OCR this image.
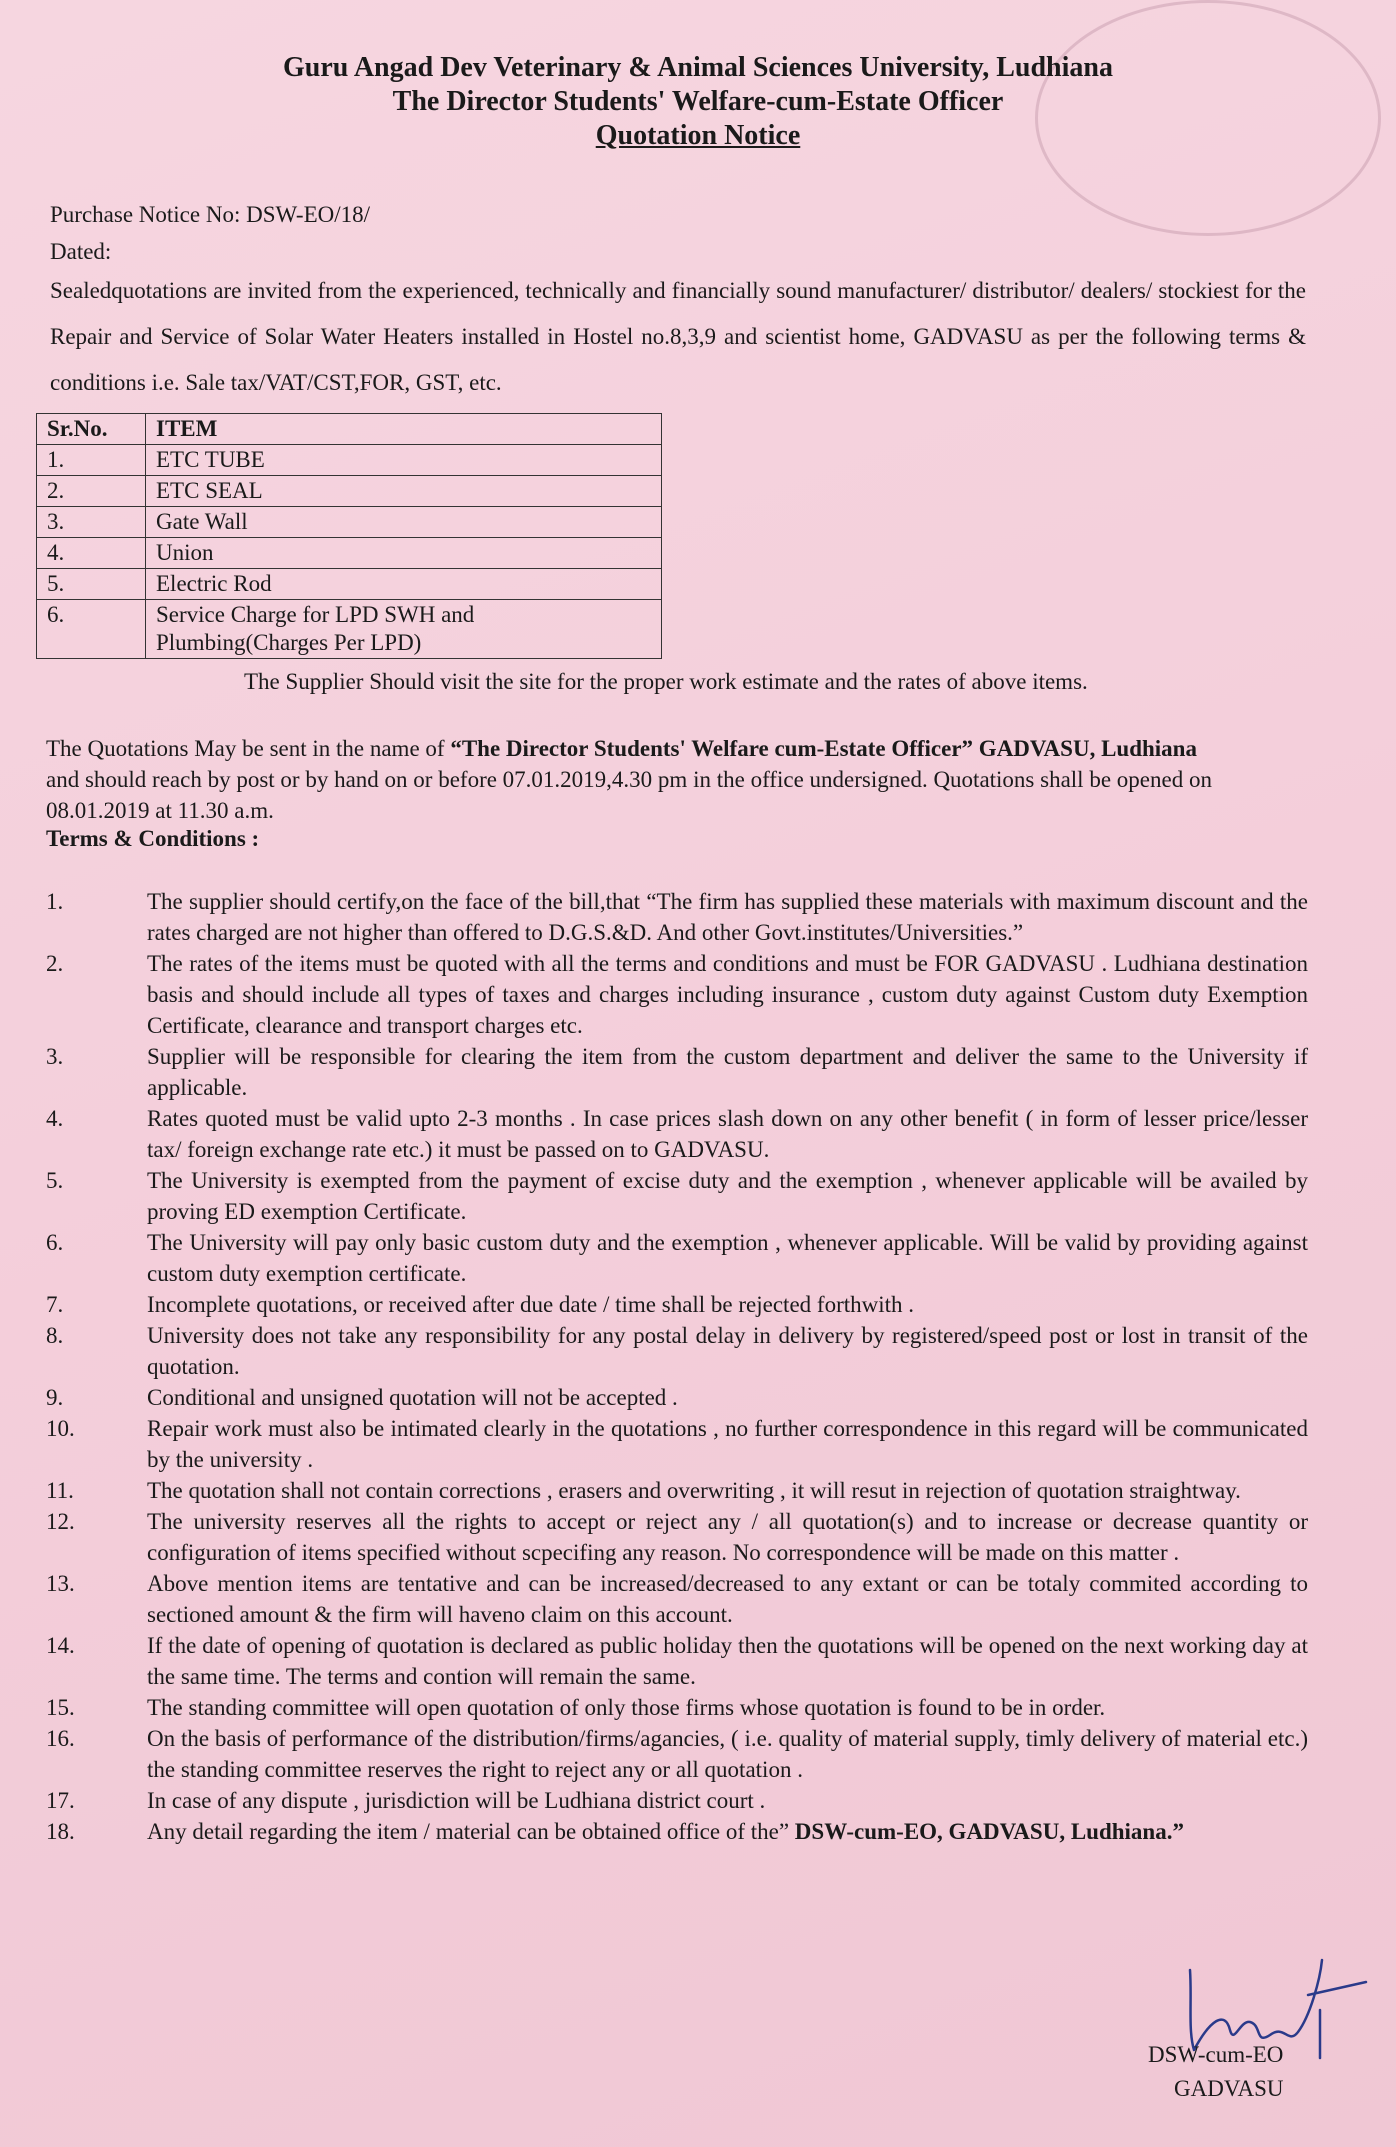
Guru Angad Dev Veterinary & Animal Sciences University, Ludhiana
The Director Students' Welfare-cum-Estate Officer
Quotation Notice
Purchase Notice No: DSW-EO/18/
Dated:

Sealedquotations are invited from the experienced, technically and financially sound manufacturer/ distributor/ dealers/ stockiest for the Repair and Service of Solar Water Heaters installed in Hostel no.8,3,9 and scientist home, GADVASU as per the following terms & conditions i.e. Sale tax/VAT/CST,FOR, GST, etc.

Sr.No.	ITEM
1.	ETC TUBE
2.	ETC SEAL
3.	Gate Wall
4.	Union
5.	Electric Rod
6.	Service Charge for LPD SWH and Plumbing(Charges Per LPD)
The Supplier Should visit the site for the proper work estimate and the rates of above items.

The Quotations May be sent in the name of “The Director Students' Welfare cum-Estate Officer” GADVASU, Ludhiana and should reach by post or by hand on or before 07.01.2019,4.30 pm in the office undersigned. Quotations shall be opened on 08.01.2019 at 11.30 a.m.

Terms & Conditions :
1.	The supplier should certify,on the face of the bill,that “The firm has supplied these materials with maximum discount and the rates charged are not higher than offered to D.G.S.&D. And other Govt.institutes/Universities.”
2.	The rates of the items must be quoted with all the terms and conditions and must be FOR GADVASU . Ludhiana destination basis and should include all types of taxes and charges including insurance , custom duty against Custom duty Exemption Certificate, clearance and transport charges etc.
3.	Supplier will be responsible for clearing the item from the custom department and deliver the same to the University if applicable.
4.	Rates quoted must be valid upto 2-3 months . In case prices slash down on any other benefit ( in form of lesser price/lesser tax/ foreign exchange rate etc.) it must be passed on to GADVASU.
5.	The University is exempted from the payment of excise duty and the exemption , whenever applicable will be availed by proving ED exemption Certificate.
6.	The University will pay only basic custom duty and the exemption , whenever applicable. Will be valid by providing against custom duty exemption certificate.
7.	Incomplete quotations, or received after due date / time shall be rejected forthwith .
8.	University does not take any responsibility for any postal delay in delivery by registered/speed post or lost in transit of the quotation.
9.	Conditional and unsigned quotation will not be accepted .
10.	Repair work must also be intimated clearly in the quotations , no further correspondence in this regard will be communicated by the university .
11.	The quotation shall not contain corrections , erasers and overwriting , it will resut in rejection of quotation straightway.
12.	The university reserves all the rights to accept or reject any / all quotation(s) and to increase or decrease quantity or configuration of items specified without scpecifing any reason. No correspondence will be made on this matter .
13.	Above mention items are tentative and can be increased/decreased to any extant or can be totaly commited according to sectioned amount & the firm will haveno claim on this account.
14.	If the date of opening of quotation is declared as public holiday then the quotations will be opened on the next working day at the same time. The terms and contion will remain the same.
15.	The standing committee will open quotation of only those firms whose quotation is found to be in order.
16.	On the basis of performance of the distribution/firms/agancies, ( i.e. quality of material supply, timly delivery of material etc.) the standing committee reserves the right to reject any or all quotation .
17.	In case of any dispute , jurisdiction will be Ludhiana district court .
18.	Any detail regarding the item / material can be obtained office of the” DSW-cum-EO, GADVASU, Ludhiana.”
DSW-cum-EO
GADVASU
